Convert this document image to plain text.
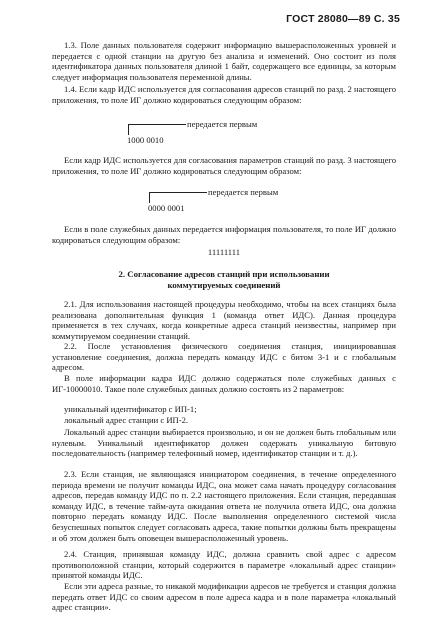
ГОСТ 28080—89 С. 35

1.3. Поле данных пользователя содержит информацию вышерасположенных уровней и передается с одной станции на другую без анализа и изменений. Оно состоит из поля идентификатора данных пользователя длиной 1 байт, содержащего все единицы, за которым следует информация пользователя переменной длины.

1.4. Если кадр ИДС используется для согласования адресов станций по разд. 2 настоящего приложения, то поле ИГ должно кодироваться следующим образом:

передается первым
1000 0010

Если кадр ИДС используется для согласования параметров станций по разд. 3 настоящего приложения, то поле ИГ должно кодироваться следующим образом:

передается первым
0000 0001

Если в поле служебных данных передается информация пользователя, то поле ИГ должно кодироваться следующим образом:

11111111
2. Согласование адресов станций при использовании
коммутируемых соединений

2.1. Для использования настоящей процедуры необходимо, чтобы на всех станциях была реализована дополнительная функция 1 (команда ответ ИДС). Данная процедура применяется в тех случаях, когда конкретные адреса станций неизвестны, например при коммутируемом соединении станций.

2.2. После установления физического соединения станция, инициировавшая установление соединения, должна передать команду ИДС с битом 3-1 и с глобальным адресом.

В поле информации кадра ИДС должно содержаться поле служебных данных с ИГ-10000010. Такое поле служебных данных должно состоять из 2 параметров:

уникальный идентификатор с ИП-1;

локальный адрес станции с ИП-2.

Локальный адрес станции выбирается произвольно, и он не должен быть глобальным или нулевым. Уникальный идентификатор должен содержать уникальную битовую последовательность (например телефонный номер, идентификатор станции и т. д.).

2.3. Если станция, не являющаяся инициатором соединения, в течение определенного периода времени не получит команды ИДС, она может сама начать процедуру согласования адресов, передав команду ИДС по п. 2.2 настоящего приложения. Если станция, передавшая команду ИДС, в течение тайм-аута ожидания ответа не получила ответа ИДС, она должна повторно передать команду ИДС. После выполнения определенного системой числа безуспешных попыток следует согласовать адреса, такие попытки должны быть прекращены и об этом должен быть оповещен вышерасположенный уровень.

2.4. Станция, принявшая команду ИДС, должна сравнить свой адрес с адресом противоположной станции, который содержится в параметре «локальный адрес станции» принятой команды ИДС.

Если эти адреса разные, то никакой модификации адресов не требуется и станция должна передать ответ ИДС со своим адресом в поле адреса кадра и в поле параметра «локальный адрес станции».
